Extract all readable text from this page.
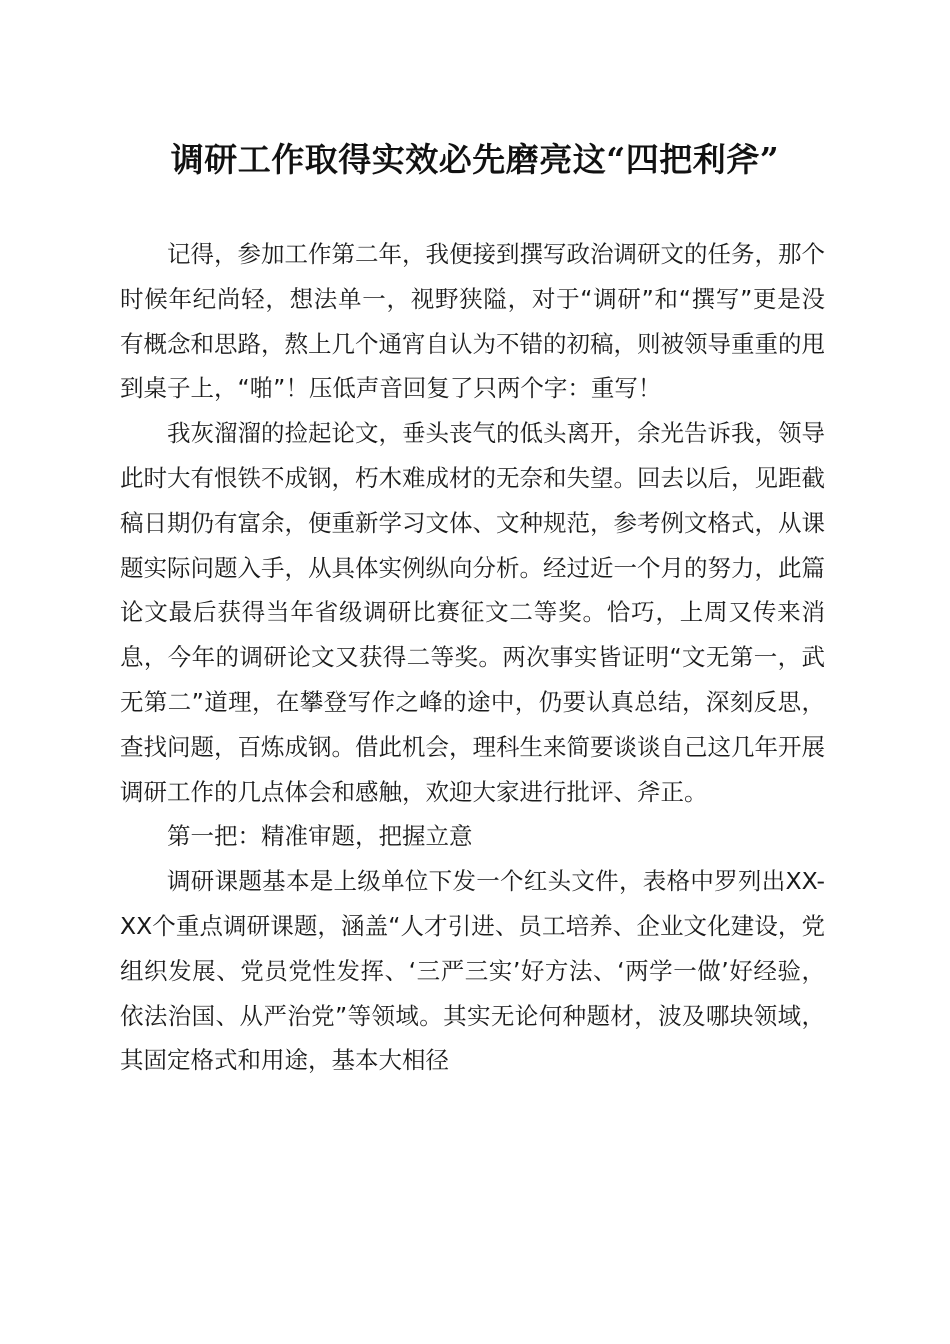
调研工作取得实效必先磨亮这“四把利斧”

记得，参加工作第二年，我便接到撰写政治调研文的任务，那个时候年纪尚轻，想法单一，视野狭隘，对于“调研”和“撰写”更是没有概念和思路，熬上几个通宵自认为不错的初稿，则被领导重重的甩到桌子上，“啪”！压低声音回复了只两个字：重写！

我灰溜溜的捡起论文，垂头丧气的低头离开，余光告诉我，领导此时大有恨铁不成钢，朽木难成材的无奈和失望。回去以后，见距截稿日期仍有富余，便重新学习文体、文种规范，参考例文格式，从课题实际问题入手，从具体实例纵向分析。经过近一个月的努力，此篇论文最后获得当年省级调研比赛征文二等奖。恰巧，上周又传来消息，今年的调研论文又获得二等奖。两次事实皆证明“文无第一，武无第二”道理，在攀登写作之峰的途中，仍要认真总结，深刻反思，查找问题，百炼成钢。借此机会，理科生来简要谈谈自己这几年开展调研工作的几点体会和感触，欢迎大家进行批评、斧正。

第一把：精准审题，把握立意

调研课题基本是上级单位下发一个红头文件，表格中罗列出XX-XX个重点调研课题，涵盖“人才引进、员工培养、企业文化建设，党组织发展、党员党性发挥、‘三严三实’好方法、‘两学一做’好经验，依法治国、从严治党”等领域。其实无论何种题材，波及哪块领域，其固定格式和用途，基本大相径
